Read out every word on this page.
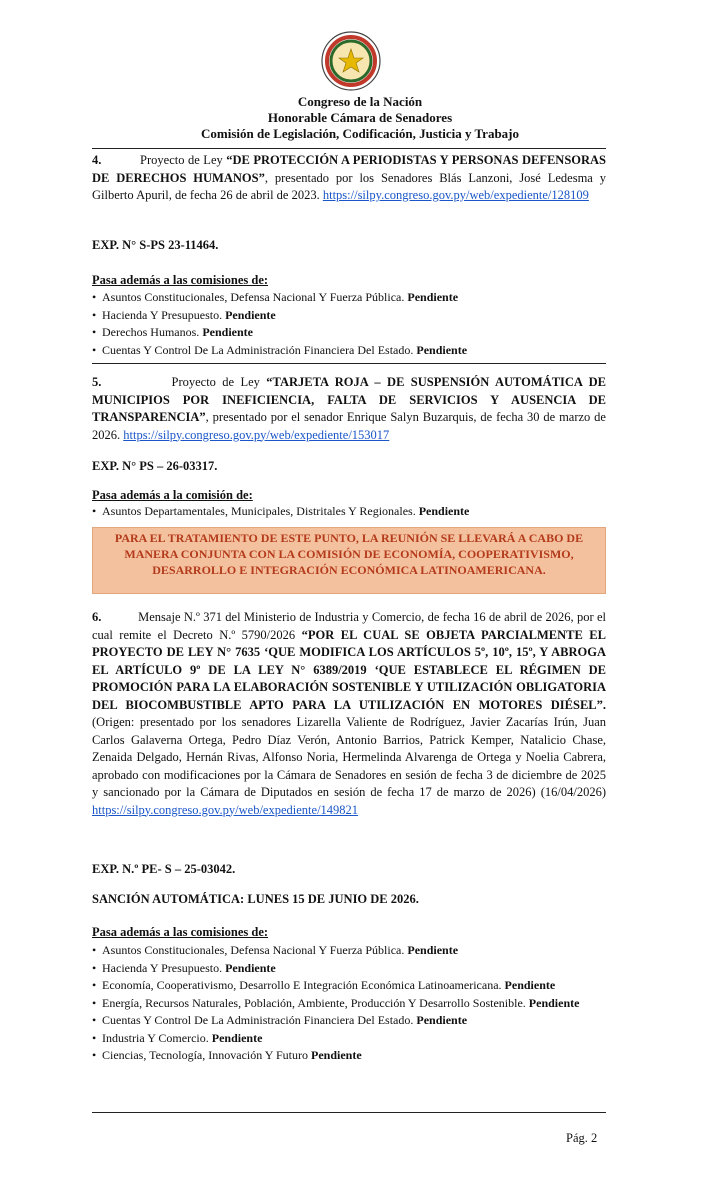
Congreso de la Nación
Honorable Cámara de Senadores
Comisión de Legislación, Codificación, Justicia y Trabajo
4.	Proyecto de Ley “DE PROTECCIÓN A PERIODISTAS Y PERSONAS DEFENSORAS DE DERECHOS HUMANOS”, presentado por los Senadores Blás Lanzoni, José Ledesma y Gilberto Apuril, de fecha 26 de abril de 2023. https://silpy.congreso.gov.py/web/expediente/128109
EXP. N° S-PS 23-11464.
Pasa además a las comisiones de:
• Asuntos Constitucionales, Defensa Nacional Y Fuerza Pública. Pendiente
• Hacienda Y Presupuesto. Pendiente
• Derechos Humanos. Pendiente
• Cuentas Y Control De La Administración Financiera Del Estado. Pendiente
5.	Proyecto de Ley “TARJETA ROJA – DE SUSPENSIÓN AUTOMÁTICA DE MUNICIPIOS POR INEFICIENCIA, FALTA DE SERVICIOS Y AUSENCIA DE TRANSPARENCIA”, presentado por el senador Enrique Salyn Buzarquis, de fecha 30 de marzo de 2026. https://silpy.congreso.gov.py/web/expediente/153017
EXP. N° PS – 26-03317.
Pasa además a la comisión de:
• Asuntos Departamentales, Municipales, Distritales Y Regionales. Pendiente
PARA EL TRATAMIENTO DE ESTE PUNTO, LA REUNIÓN SE LLEVARÁ A CABO DE MANERA CONJUNTA CON LA COMISIÓN DE ECONOMÍA, COOPERATIVISMO, DESARROLLO E INTEGRACIÓN ECONÓMICA LATINOAMERICANA.
6.	Mensaje N.º 371 del Ministerio de Industria y Comercio, de fecha 16 de abril de 2026, por el cual remite el Decreto N.º 5790/2026 “POR EL CUAL SE OBJETA PARCIALMENTE EL PROYECTO DE LEY N° 7635 ‘QUE MODIFICA LOS ARTÍCULOS 5º, 10º, 15º, Y ABROGA EL ARTÍCULO 9º DE LA LEY N° 6389/2019 ‘QUE ESTABLECE EL RÉGIMEN DE PROMOCIÓN PARA LA ELABORACIÓN SOSTENIBLE Y UTILIZACIÓN OBLIGATORIA DEL BIOCOMBUSTIBLE APTO PARA LA UTILIZACIÓN EN MOTORES DIÉSEL”. (Origen: presentado por los senadores Lizarella Valiente de Rodríguez, Javier Zacarías Irún, Juan Carlos Galaverna Ortega, Pedro Díaz Verón, Antonio Barrios, Patrick Kemper, Natalicio Chase, Zenaida Delgado, Hernán Rivas, Alfonso Noria, Hermelinda Alvarenga de Ortega y Noelia Cabrera, aprobado con modificaciones por la Cámara de Senadores en sesión de fecha 3 de diciembre de 2025 y sancionado por la Cámara de Diputados en sesión de fecha 17 de marzo de 2026) (16/04/2026) https://silpy.congreso.gov.py/web/expediente/149821
EXP. N.º PE- S – 25-03042.
SANCIÓN AUTOMÁTICA: LUNES 15 DE JUNIO DE 2026.
Pasa además a las comisiones de:
• Asuntos Constitucionales, Defensa Nacional Y Fuerza Pública. Pendiente
• Hacienda Y Presupuesto. Pendiente
• Economía, Cooperativismo, Desarrollo E Integración Económica Latinoamericana. Pendiente
• Energía, Recursos Naturales, Población, Ambiente, Producción Y Desarrollo Sostenible. Pendiente
• Cuentas Y Control De La Administración Financiera Del Estado. Pendiente
• Industria Y Comercio. Pendiente
• Ciencias, Tecnología, Innovación Y Futuro Pendiente
Pág. 2
